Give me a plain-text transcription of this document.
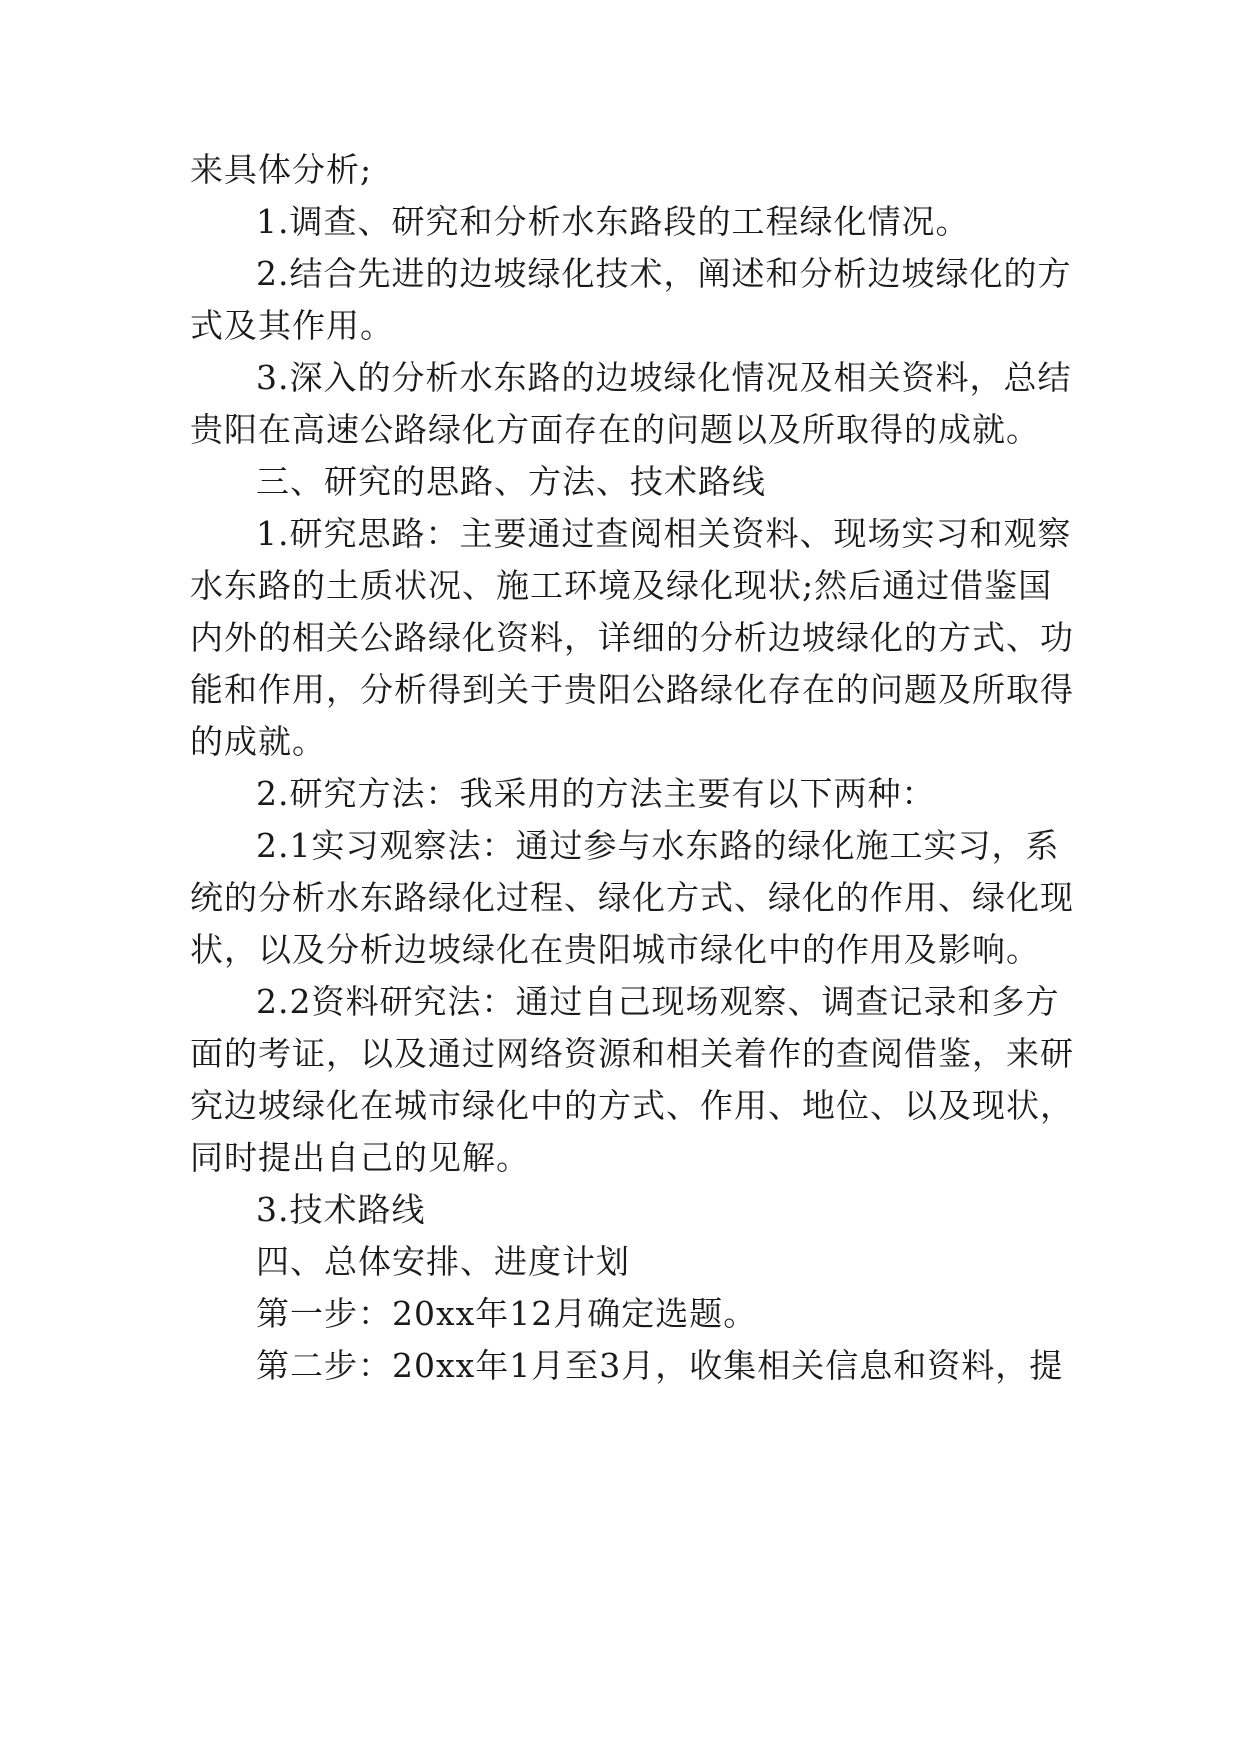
来具体分析;
1.调查、研究和分析水东路段的工程绿化情况。
2.结合先进的边坡绿化技术，阐述和分析边坡绿化的方
式及其作用。
3.深入的分析水东路的边坡绿化情况及相关资料，总结
贵阳在高速公路绿化方面存在的问题以及所取得的成就。
三、研究的思路、方法、技术路线
1.研究思路：主要通过查阅相关资料、现场实习和观察
水东路的土质状况、施工环境及绿化现状;然后通过借鉴国
内外的相关公路绿化资料，详细的分析边坡绿化的方式、功
能和作用，分析得到关于贵阳公路绿化存在的问题及所取得
的成就。
2.研究方法：我采用的方法主要有以下两种：
2.1实习观察法：通过参与水东路的绿化施工实习，系
统的分析水东路绿化过程、绿化方式、绿化的作用、绿化现
状，以及分析边坡绿化在贵阳城市绿化中的作用及影响。
2.2资料研究法：通过自己现场观察、调查记录和多方
面的考证，以及通过网络资源和相关着作的查阅借鉴，来研
究边坡绿化在城市绿化中的方式、作用、地位、以及现状，
同时提出自己的见解。
3.技术路线
四、总体安排、进度计划
第一步：20xx年12月确定选题。
第二步：20xx年1月至3月，收集相关信息和资料，提
